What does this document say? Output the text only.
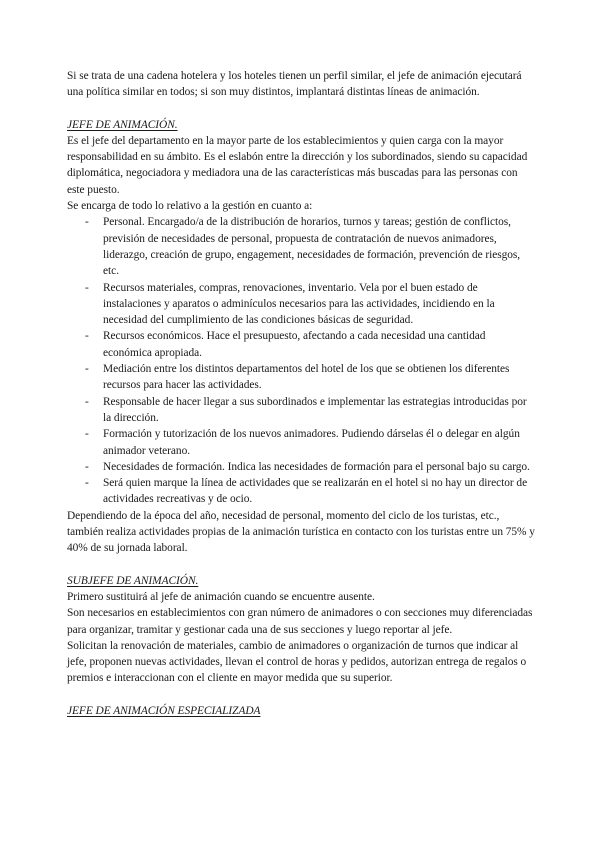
Si se trata de una cadena hotelera y los hoteles tienen un perfil similar, el jefe de animación ejecutará una política similar en todos; si son muy distintos, implantará distintas líneas de animación.

JEFE DE ANIMACIÓN.

Es el jefe del departamento en la mayor parte de los establecimientos y quien carga con la mayor responsabilidad en su ámbito. Es el eslabón entre la dirección y los subordinados, siendo su capacidad diplomática, negociadora y mediadora una de las características más buscadas para las personas con este puesto.

Se encarga de todo lo relativo a la gestión en cuanto a:

- Personal. Encargado/a de la distribución de horarios, turnos y tareas; gestión de conflictos, previsión de necesidades de personal, propuesta de contratación de nuevos animadores, liderazgo, creación de grupo, engagement, necesidades de formación, prevención de riesgos, etc.
- Recursos materiales, compras, renovaciones, inventario. Vela por el buen estado de instalaciones y aparatos o adminículos necesarios para las actividades, incidiendo en la necesidad del cumplimiento de las condiciones básicas de seguridad.
- Recursos económicos. Hace el presupuesto, afectando a cada necesidad una cantidad económica apropiada.
- Mediación entre los distintos departamentos del hotel de los que se obtienen los diferentes recursos para hacer las actividades.
- Responsable de hacer llegar a sus subordinados e implementar las estrategias introducidas por la dirección.
- Formación y tutorización de los nuevos animadores. Pudiendo dárselas él o delegar en algún animador veterano.
- Necesidades de formación. Indica las necesidades de formación para el personal bajo su cargo.
- Será quien marque la línea de actividades que se realizarán en el hotel si no hay un director de actividades recreativas y de ocio.

Dependiendo de la época del año, necesidad de personal, momento del ciclo de los turistas, etc., también realiza actividades propias de la animación turística en contacto con los turistas entre un 75% y 40% de su jornada laboral.

SUBJEFE DE ANIMACIÓN.

Primero sustituirá al jefe de animación cuando se encuentre ausente.

Son necesarios en establecimientos con gran número de animadores o con secciones muy diferenciadas para organizar, tramitar y gestionar cada una de sus secciones y luego reportar al jefe.

Solicitan la renovación de materiales, cambio de animadores o organización de turnos que indicar al jefe, proponen nuevas actividades, llevan el control de horas y pedidos, autorizan entrega de regalos o premios e interaccionan con el cliente en mayor medida que su superior.

JEFE DE ANIMACIÓN ESPECIALIZADA
